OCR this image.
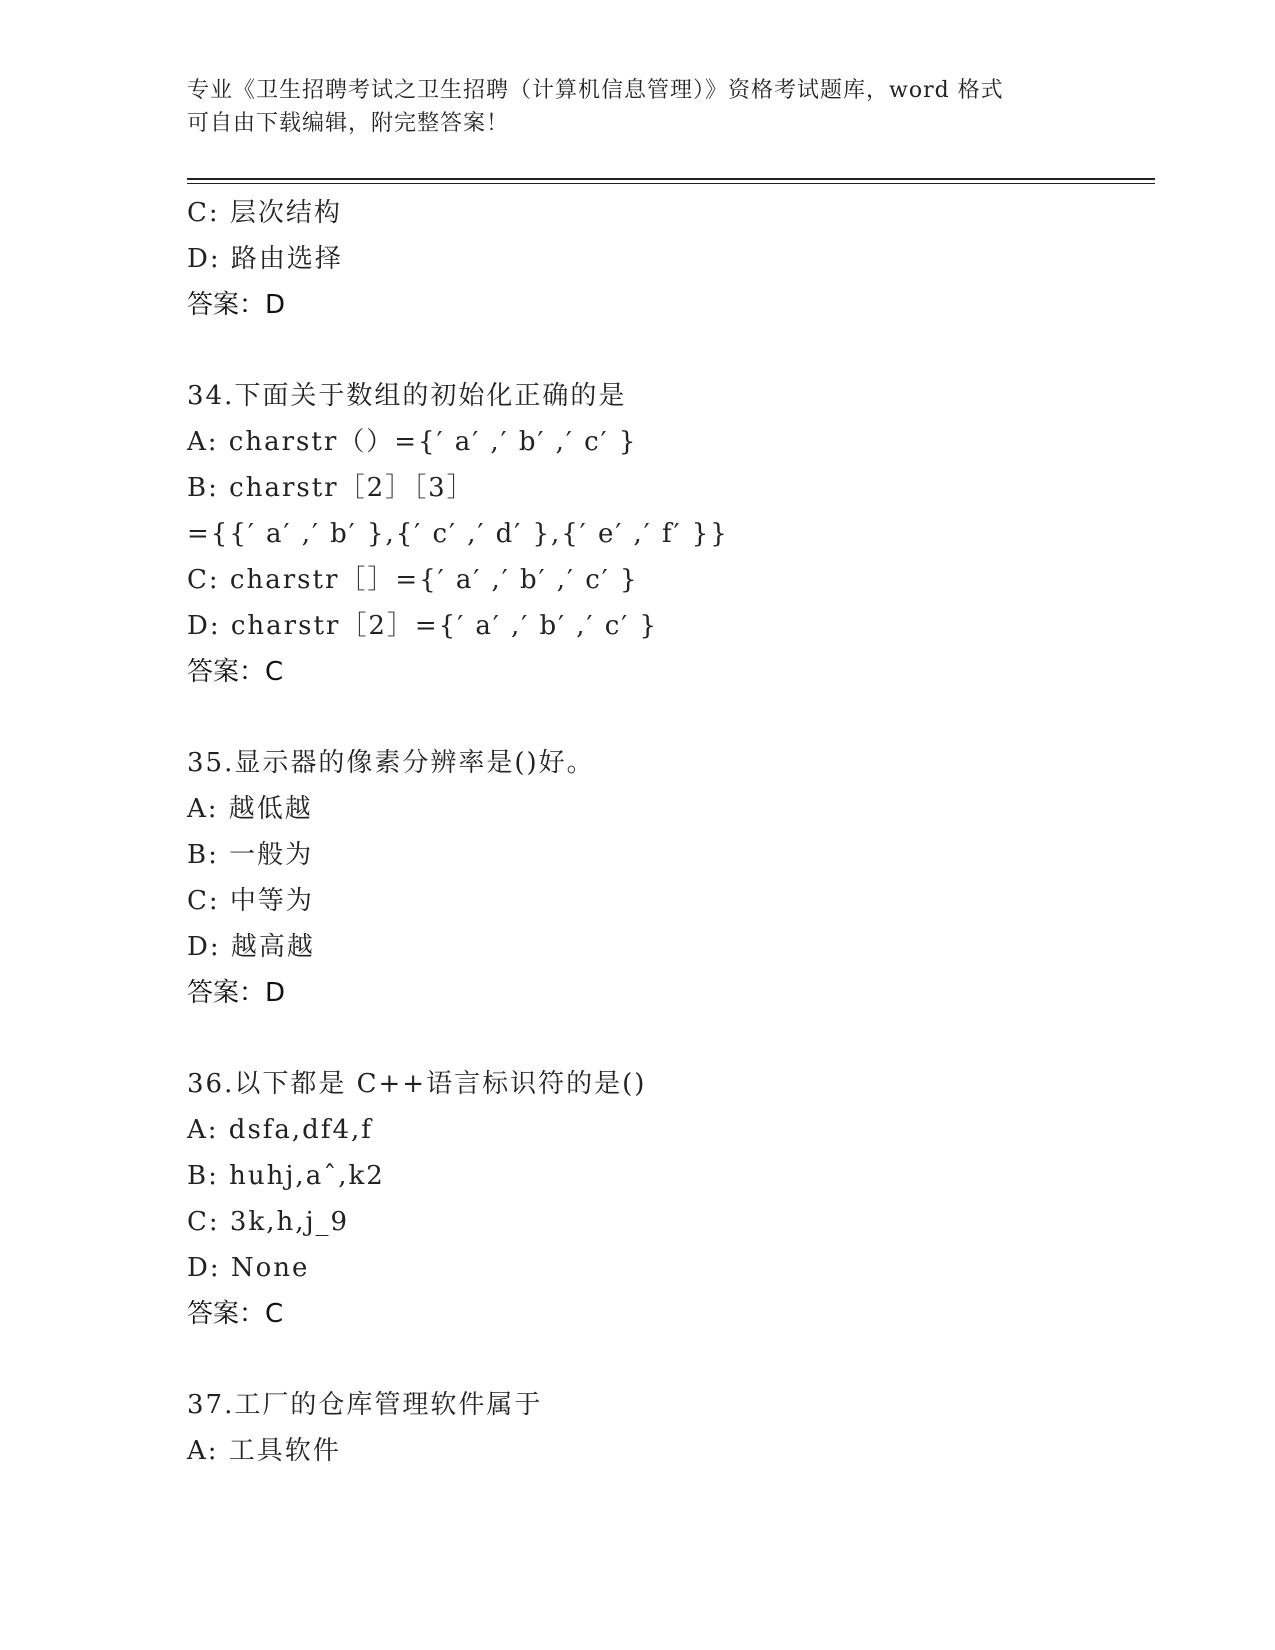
专业《卫生招聘考试之卫生招聘（计算机信息管理）》资格考试题库，word 格式
可自由下载编辑，附完整答案！
C: 层次结构
D: 路由选择
答案：D
34.下面关于数组的初始化正确的是
A: charstr（）={′ a′ ,′ b′ ,′ c′ }
B: charstr［2］［3］
={{′ a′ ,′ b′ },{′ c′ ,′ d′ },{′ e′ ,′ f′ }}
C: charstr［］={′ a′ ,′ b′ ,′ c′ }
D: charstr［2］={′ a′ ,′ b′ ,′ c′ }
答案：C
35.显示器的像素分辨率是()好。
A: 越低越
B: 一般为
C: 中等为
D: 越高越
答案：D
36.以下都是 C++语言标识符的是()
A: dsfa,df4,f
B: huhj,aˆ,k2
C: 3k,h,j_9
D: None
答案：C
37.工厂的仓库管理软件属于
A: 工具软件
